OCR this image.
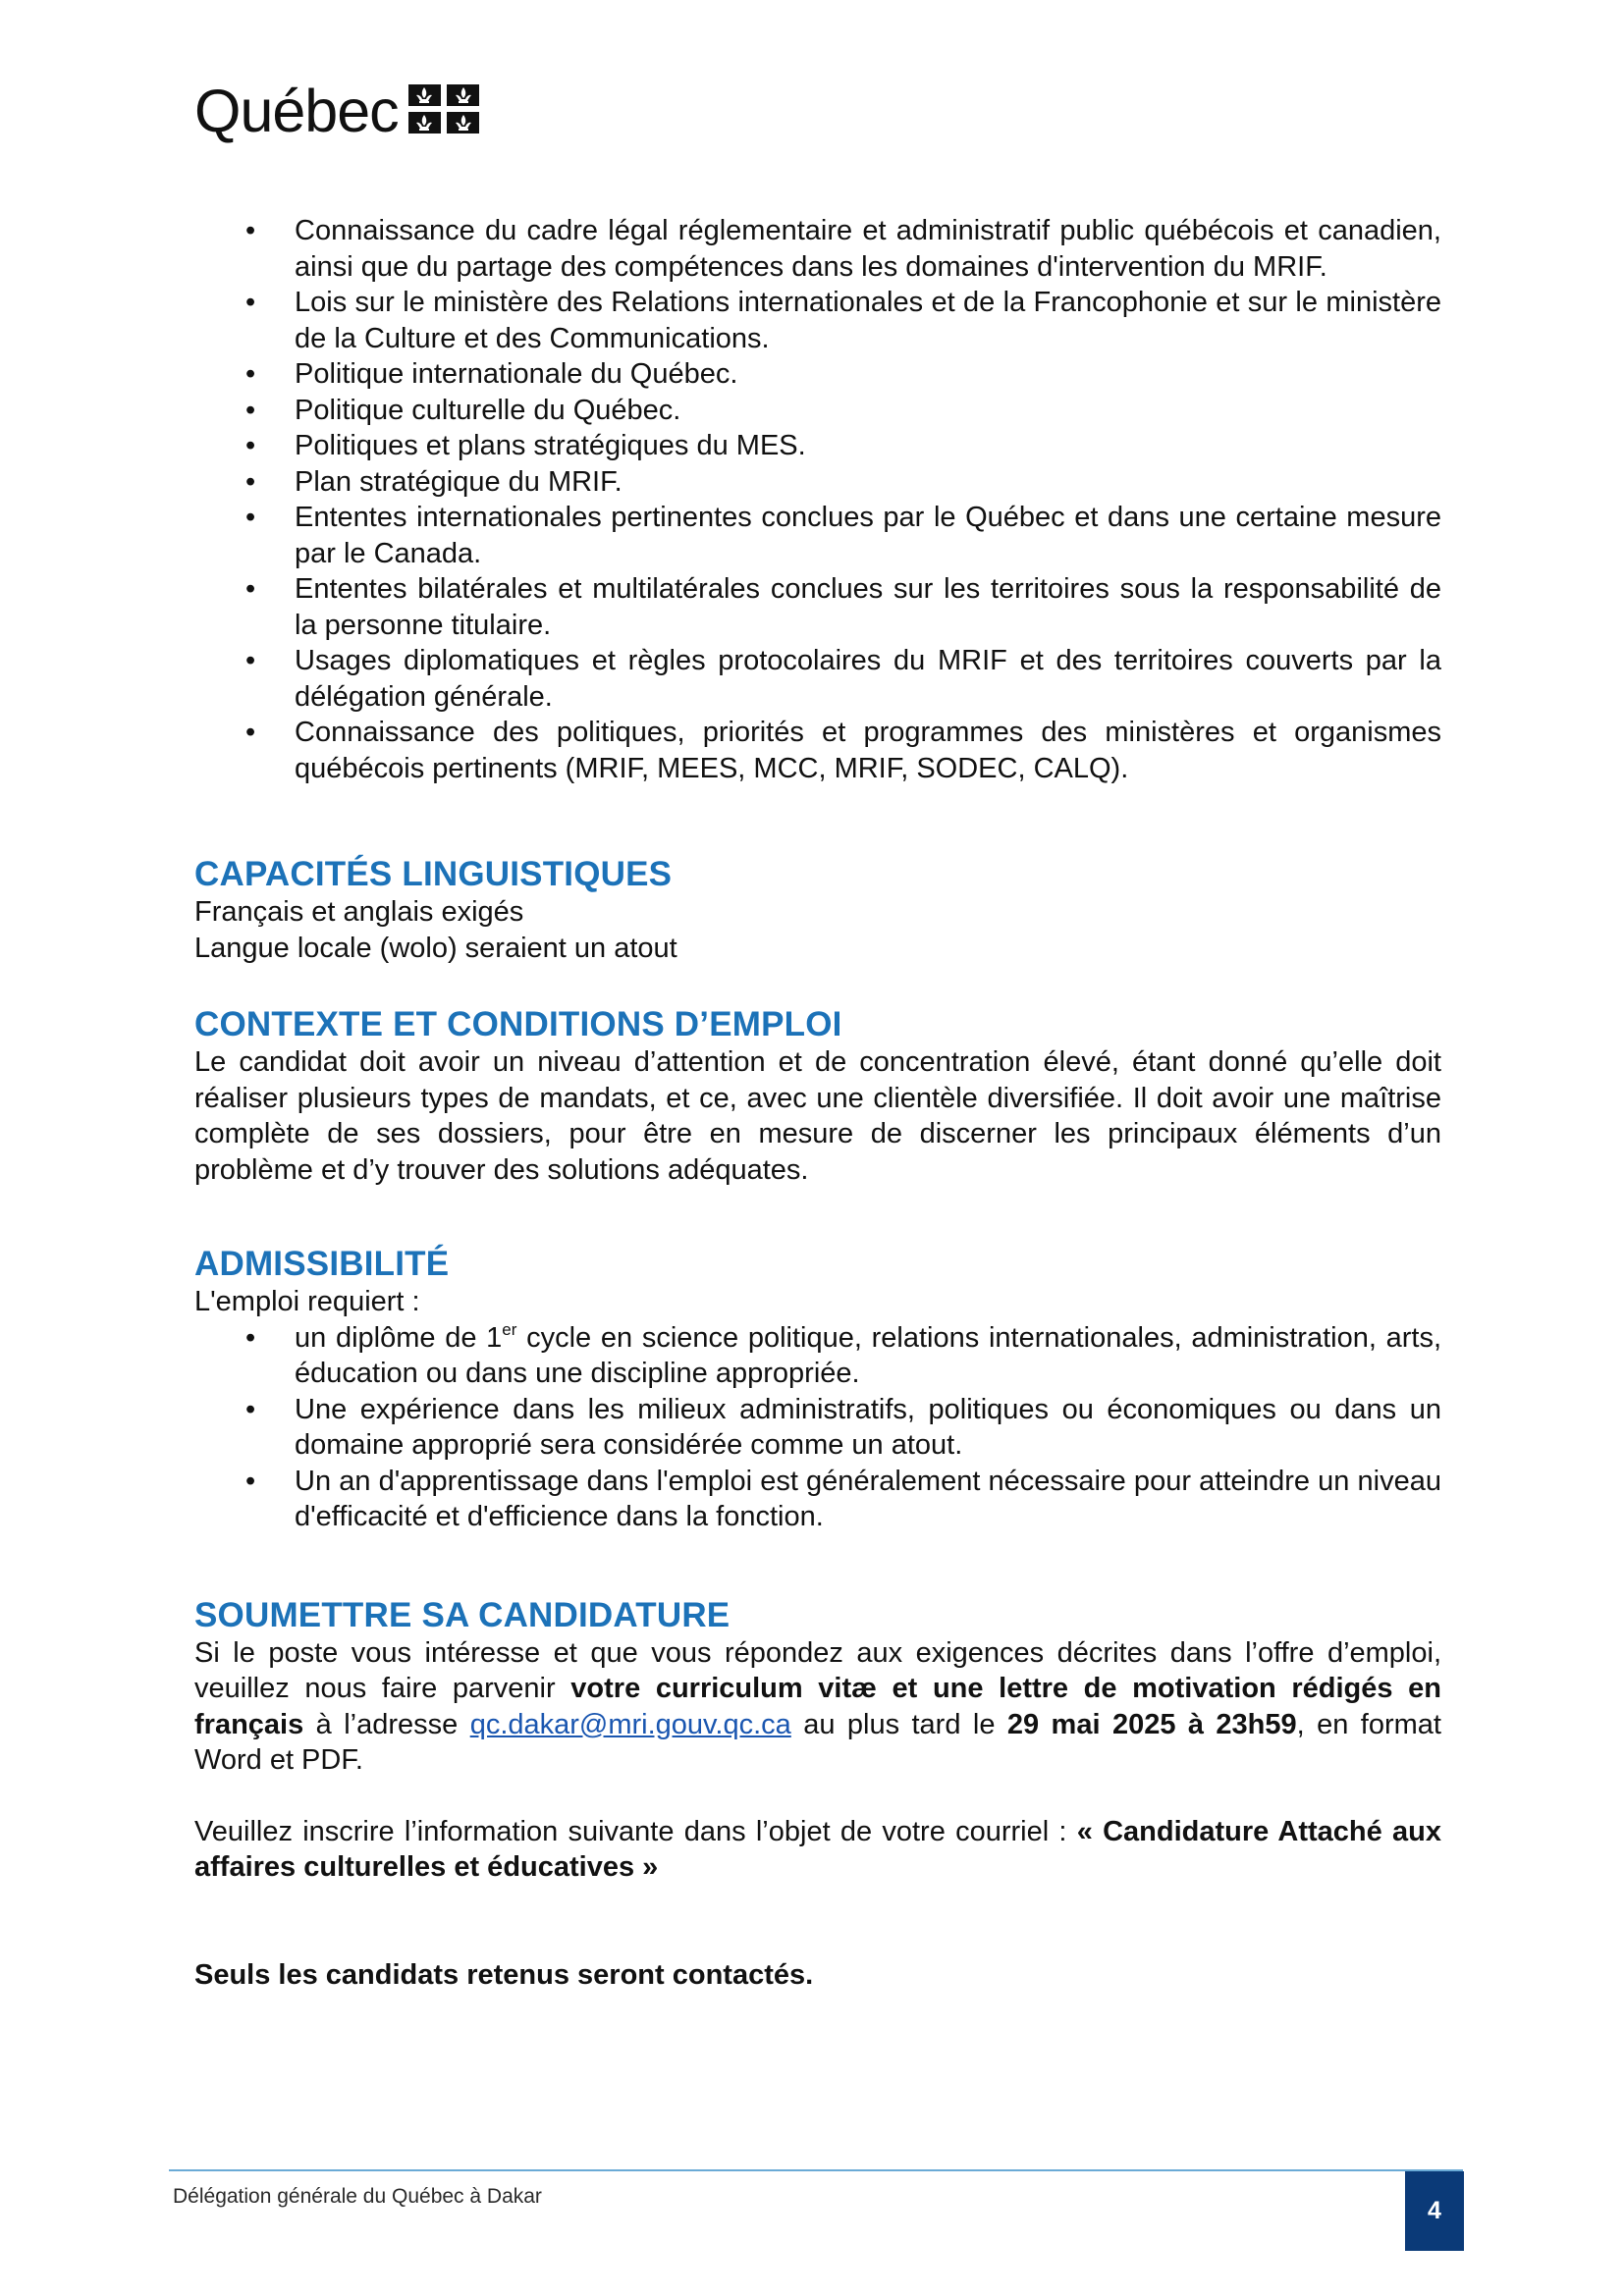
Québec
• Connaissance du cadre légal réglementaire et administratif public québécois et canadien, ainsi que du partage des compétences dans les domaines d'intervention du MRIF.
• Lois sur le ministère des Relations internationales et de la Francophonie et sur le ministère de la Culture et des Communications.
• Politique internationale du Québec.
• Politique culturelle du Québec.
• Politiques et plans stratégiques du MES.
• Plan stratégique du MRIF.
• Ententes internationales pertinentes conclues par le Québec et dans une certaine mesure par le Canada.
• Ententes bilatérales et multilatérales conclues sur les territoires sous la responsabilité de la personne titulaire.
• Usages diplomatiques et règles protocolaires du MRIF et des territoires couverts par la délégation générale.
• Connaissance des politiques, priorités et programmes des ministères et organismes québécois pertinents (MRIF, MEES, MCC, MRIF, SODEC, CALQ).
CAPACITÉS LINGUISTIQUES

Français et anglais exigés

Langue locale (wolo) seraient un atout

CONTEXTE ET CONDITIONS D’EMPLOI

Le candidat doit avoir un niveau d’attention et de concentration élevé, étant donné qu’elle doit réaliser plusieurs types de mandats, et ce, avec une clientèle diversifiée. Il doit avoir une maîtrise complète de ses dossiers, pour être en mesure de discerner les principaux éléments d’un problème et d’y trouver des solutions adéquates.

ADMISSIBILITÉ

L'emploi requiert :

• un diplôme de 1er cycle en science politique, relations internationales, administration, arts, éducation ou dans une discipline appropriée.
• Une expérience dans les milieux administratifs, politiques ou économiques ou dans un domaine approprié sera considérée comme un atout.
• Un an d'apprentissage dans l'emploi est généralement nécessaire pour atteindre un niveau d'efficacité et d'efficience dans la fonction.
SOUMETTRE SA CANDIDATURE

Si le poste vous intéresse et que vous répondez aux exigences décrites dans l’offre d’emploi, veuillez nous faire parvenir votre curriculum vitæ et une lettre de motivation rédigés en français à l’adresse qc.dakar@mri.gouv.qc.ca au plus tard le 29 mai 2025 à 23h59, en format Word et PDF.

Veuillez inscrire l’information suivante dans l’objet de votre courriel : « Candidature Attaché aux affaires culturelles et éducatives »

Seuls les candidats retenus seront contactés.

Délégation générale du Québec à Dakar
4
